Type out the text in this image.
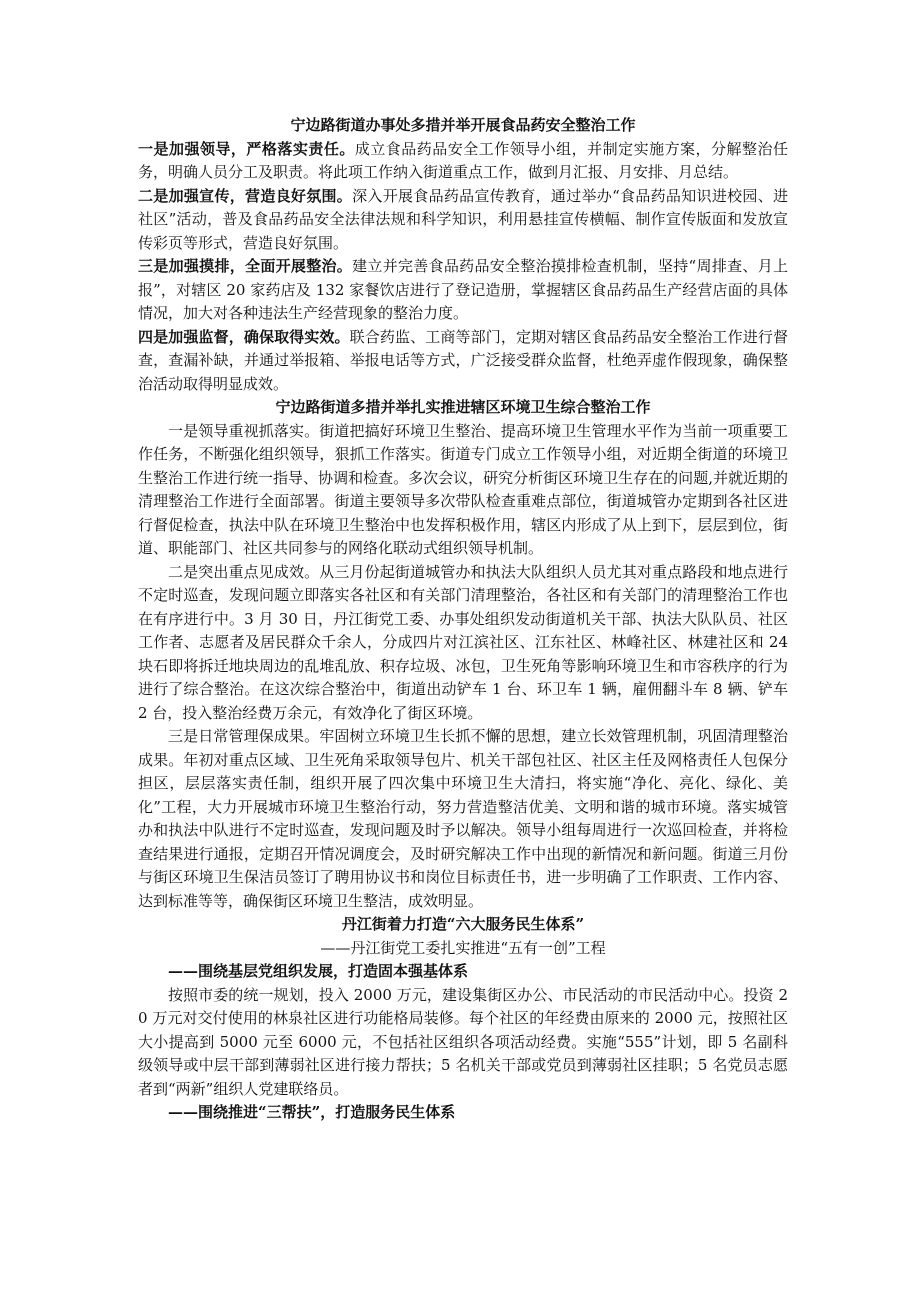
宁边路街道办事处多措并举开展食品药安全整治工作

一是加强领导，严格落实责任。成立食品药品安全工作领导小组，并制定实施方案，分解整治任务，明确人员分工及职责。将此项工作纳入街道重点工作，做到月汇报、月安排、月总结。

二是加强宣传，营造良好氛围。深入开展食品药品宣传教育，通过举办“食品药品知识进校园、进社区”活动，普及食品药品安全法律法规和科学知识，利用悬挂宣传横幅、制作宣传版面和发放宣传彩页等形式，营造良好氛围。

三是加强摸排，全面开展整治。建立并完善食品药品安全整治摸排检查机制，坚持“周排查、月上报”，对辖区 20 家药店及 132 家餐饮店进行了登记造册，掌握辖区食品药品生产经营店面的具体情况，加大对各种违法生产经营现象的整治力度。

四是加强监督，确保取得实效。联合药监、工商等部门，定期对辖区食品药品安全整治工作进行督查，查漏补缺，并通过举报箱、举报电话等方式，广泛接受群众监督，杜绝弄虚作假现象，确保整治活动取得明显成效。

宁边路街道多措并举扎实推进辖区环境卫生综合整治工作

一是领导重视抓落实。街道把搞好环境卫生整治、提高环境卫生管理水平作为当前一项重要工作任务，不断强化组织领导，狠抓工作落实。街道专门成立工作领导小组，对近期全街道的环境卫生整治工作进行统一指导、协调和检查。多次会议，研究分析街区环境卫生存在的问题,并就近期的清理整治工作进行全面部署。街道主要领导多次带队检查重难点部位，街道城管办定期到各社区进行督促检查，执法中队在环境卫生整治中也发挥积极作用，辖区内形成了从上到下，层层到位，街道、职能部门、社区共同参与的网络化联动式组织领导机制。

二是突出重点见成效。从三月份起街道城管办和执法大队组织人员尤其对重点路段和地点进行不定时巡查，发现问题立即落实各社区和有关部门清理整治，各社区和有关部门的清理整治工作也在有序进行中。3 月 30 日，丹江街党工委、办事处组织发动街道机关干部、执法大队队员、社区工作者、志愿者及居民群众千余人，分成四片对江滨社区、江东社区、林峰社区、林建社区和 24 块石即将拆迁地块周边的乱堆乱放、积存垃圾、冰包，卫生死角等影响环境卫生和市容秩序的行为进行了综合整治。在这次综合整治中，街道出动铲车 1 台、环卫车 1 辆，雇佣翻斗车 8 辆、铲车 2 台，投入整治经费万余元，有效净化了街区环境。

三是日常管理保成果。牢固树立环境卫生长抓不懈的思想，建立长效管理机制，巩固清理整治成果。年初对重点区域、卫生死角采取领导包片、机关干部包社区、社区主任及网格责任人包保分担区，层层落实责任制，组织开展了四次集中环境卫生大清扫，将实施“净化、亮化、绿化、美化”工程，大力开展城市环境卫生整治行动，努力营造整洁优美、文明和谐的城市环境。落实城管办和执法中队进行不定时巡查，发现问题及时予以解决。领导小组每周进行一次巡回检查，并将检查结果进行通报，定期召开情况调度会，及时研究解决工作中出现的新情况和新问题。街道三月份与街区环境卫生保洁员签订了聘用协议书和岗位目标责任书，进一步明确了工作职责、工作内容、达到标准等等，确保街区环境卫生整洁，成效明显。

丹江街着力打造“六大服务民生体系”

——丹江街党工委扎实推进“五有一创”工程

——围绕基层党组织发展，打造固本强基体系

按照市委的统一规划，投入 2000 万元，建设集街区办公、市民活动的市民活动中心。投资 20 万元对交付使用的林泉社区进行功能格局装修。每个社区的年经费由原来的 2000 元，按照社区大小提高到 5000 元至 6000 元，不包括社区组织各项活动经费。实施“555”计划，即 5 名副科级领导或中层干部到薄弱社区进行接力帮扶；5 名机关干部或党员到薄弱社区挂职；5 名党员志愿者到“两新”组织人党建联络员。

——围绕推进“三帮扶”，打造服务民生体系
